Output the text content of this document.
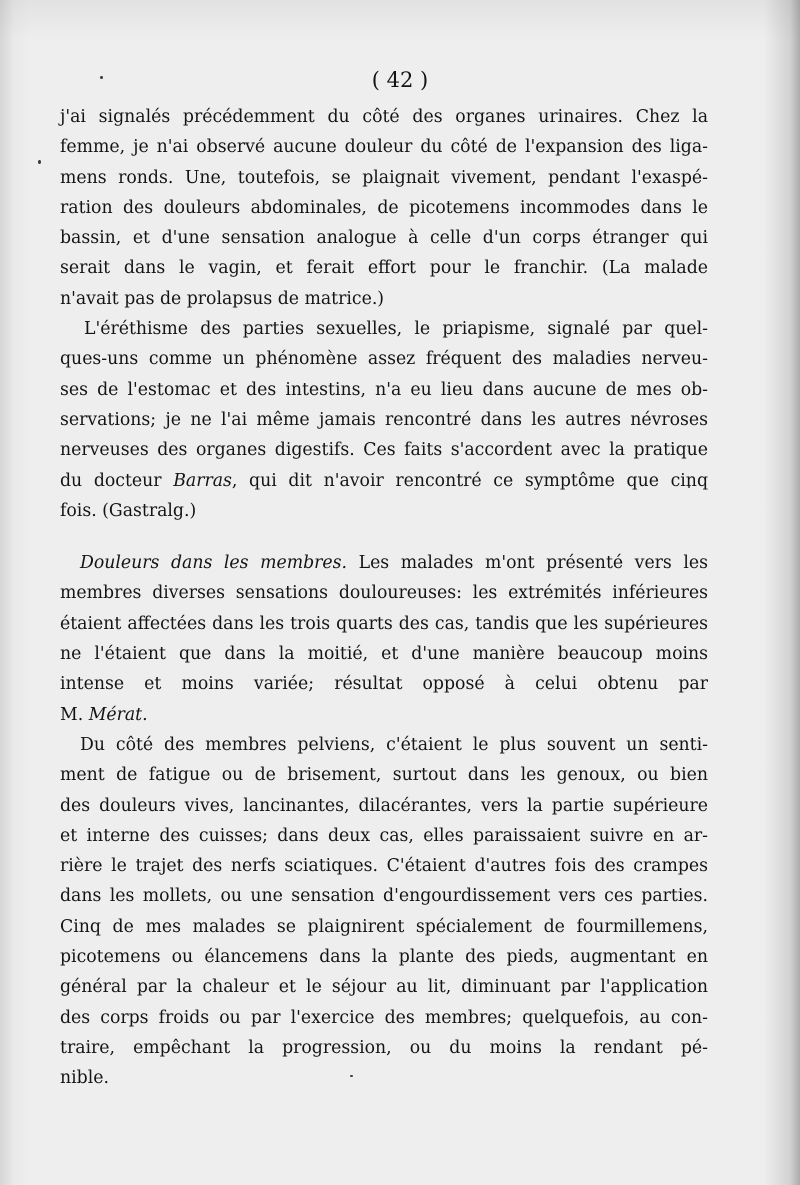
( 42 )
j'ai signalés précédemment du côté des organes urinaires. Chez la
femme, je n'ai observé aucune douleur du côté de l'expansion des liga-
mens ronds. Une, toutefois, se plaignait vivement, pendant l'exaspé-
ration des douleurs abdominales, de picotemens incommodes dans le
bassin, et d'une sensation analogue à celle d'un corps étranger qui
serait dans le vagin, et ferait effort pour le franchir. (La malade
n'avait pas de prolapsus de matrice.)
L'éréthisme des parties sexuelles, le priapisme, signalé par quel-
ques-uns comme un phénomène assez fréquent des maladies nerveu-
ses de l'estomac et des intestins, n'a eu lieu dans aucune de mes ob-
servations; je ne l'ai même jamais rencontré dans les autres névroses
nerveuses des organes digestifs. Ces faits s'accordent avec la pratique
du docteur Barras, qui dit n'avoir rencontré ce symptôme que cinq
fois. (Gastralg.)
Douleurs dans les membres. Les malades m'ont présenté vers les
membres diverses sensations douloureuses: les extrémités inférieures
étaient affectées dans les trois quarts des cas, tandis que les supérieures
ne l'étaient que dans la moitié, et d'une manière beaucoup moins
intense et moins variée; résultat opposé à celui obtenu par
M. Mérat.
Du côté des membres pelviens, c'étaient le plus souvent un senti-
ment de fatigue ou de brisement, surtout dans les genoux, ou bien
des douleurs vives, lancinantes, dilacérantes, vers la partie supérieure
et interne des cuisses; dans deux cas, elles paraissaient suivre en ar-
rière le trajet des nerfs sciatiques. C'étaient d'autres fois des crampes
dans les mollets, ou une sensation d'engourdissement vers ces parties.
Cinq de mes malades se plaignirent spécialement de fourmillemens,
picotemens ou élancemens dans la plante des pieds, augmentant en
général par la chaleur et le séjour au lit, diminuant par l'application
des corps froids ou par l'exercice des membres; quelquefois, au con-
traire, empêchant la progression, ou du moins la rendant pé-
nible.
